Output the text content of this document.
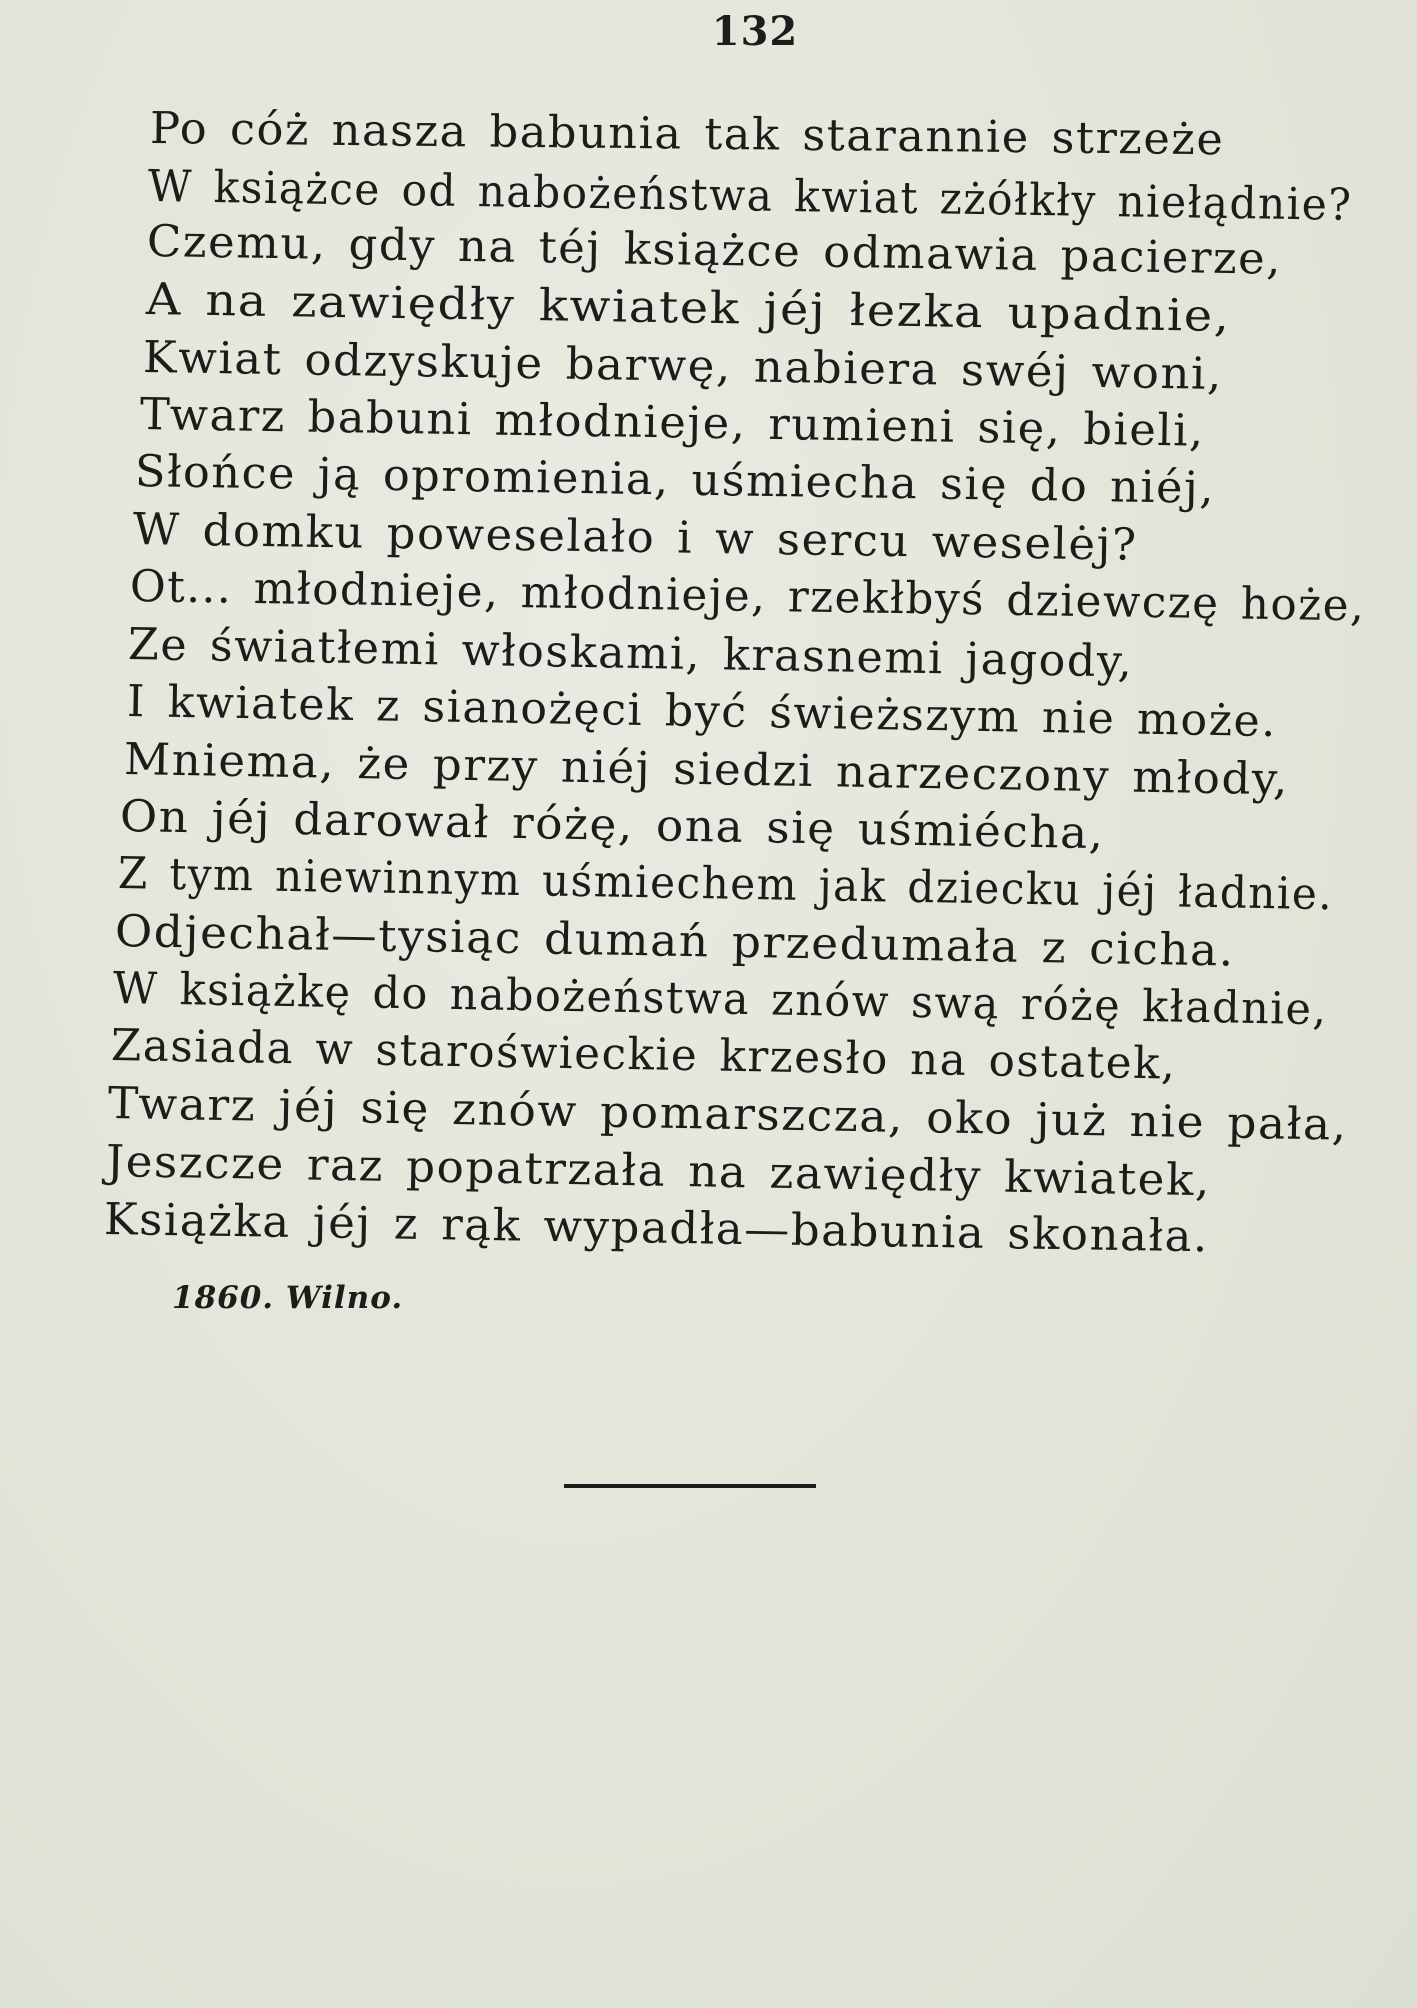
132
Po cóż nasza babunia tak starannie strzeże
W książce od nabożeństwa kwiat zżółkły niełądnie?
Czemu, gdy na téj książce odmawia pacierze,
A na zawiędły kwiatek jéj łezka upadnie,
Kwiat odzyskuje barwę, nabiera swéj woni,
Twarz babuni młodnieje, rumieni się, bieli,
Słońce ją opromienia, uśmiecha się do niéj,
W domku poweselało i w sercu weselėj?
Ot... młodnieje, młodnieje, rzekłbyś dziewczę hoże,
Ze światłemi włoskami, krasnemi jagody,
I kwiatek z sianożęci być świeższym nie może.
Mniema, że przy niéj siedzi narzeczony młody,
On jéj darował różę, ona się uśmiécha,
Z tym niewinnym uśmiechem jak dziecku jéj ładnie.
Odjechał—tysiąc dumań przedumała z cicha.
W książkę do nabożeństwa znów swą różę kładnie,
Zasiada w staroświeckie krzesło na ostatek,
Twarz jéj się znów pomarszcza, oko już nie pała,
Jeszcze raz popatrzała na zawiędły kwiatek,
Książka jéj z rąk wypadła—babunia skonała.
1860. Wilno.
